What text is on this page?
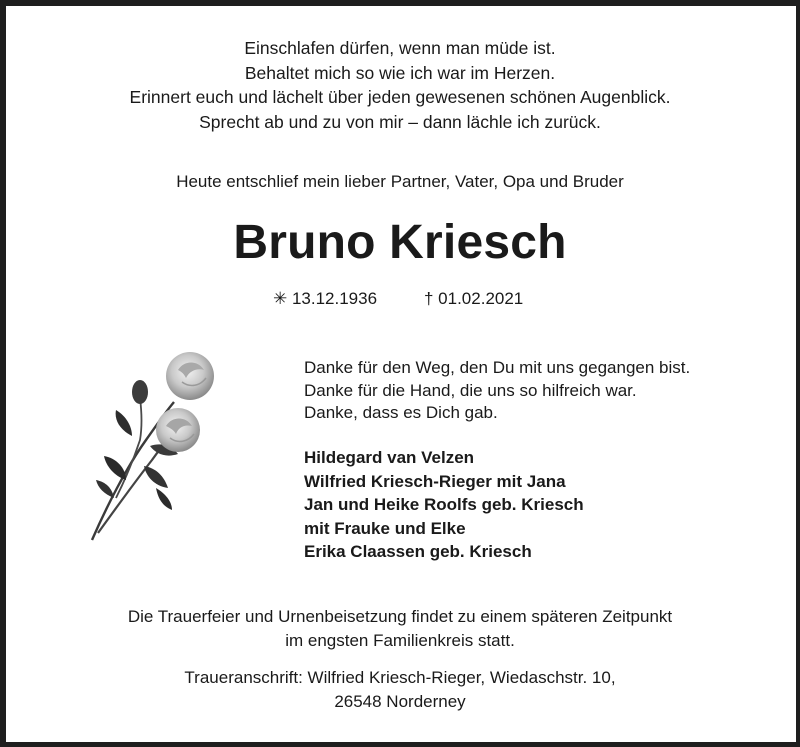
Einschlafen dürfen, wenn man müde ist.
Behaltet mich so wie ich war im Herzen.
Erinnert euch und lächelt über jeden gewesenen schönen Augenblick.
Sprecht ab und zu von mir – dann lächle ich zurück.
Heute entschlief mein lieber Partner, Vater, Opa und Bruder
Bruno Kriesch
✳ 13.12.1936	† 01.02.2021
Danke für den Weg, den Du mit uns gegangen bist.
Danke für die Hand, die uns so hilfreich war.
Danke, dass es Dich gab.
Hildegard van Velzen
Wilfried Kriesch-Rieger mit Jana
Jan und Heike Roolfs geb. Kriesch
mit Frauke und Elke
Erika Claassen geb. Kriesch
Die Trauerfeier und Urnenbeisetzung findet zu einem späteren Zeitpunkt
im engsten Familienkreis statt.
Traueranschrift: Wilfried Kriesch-Rieger, Wiedaschstr. 10,
26548 Norderney
